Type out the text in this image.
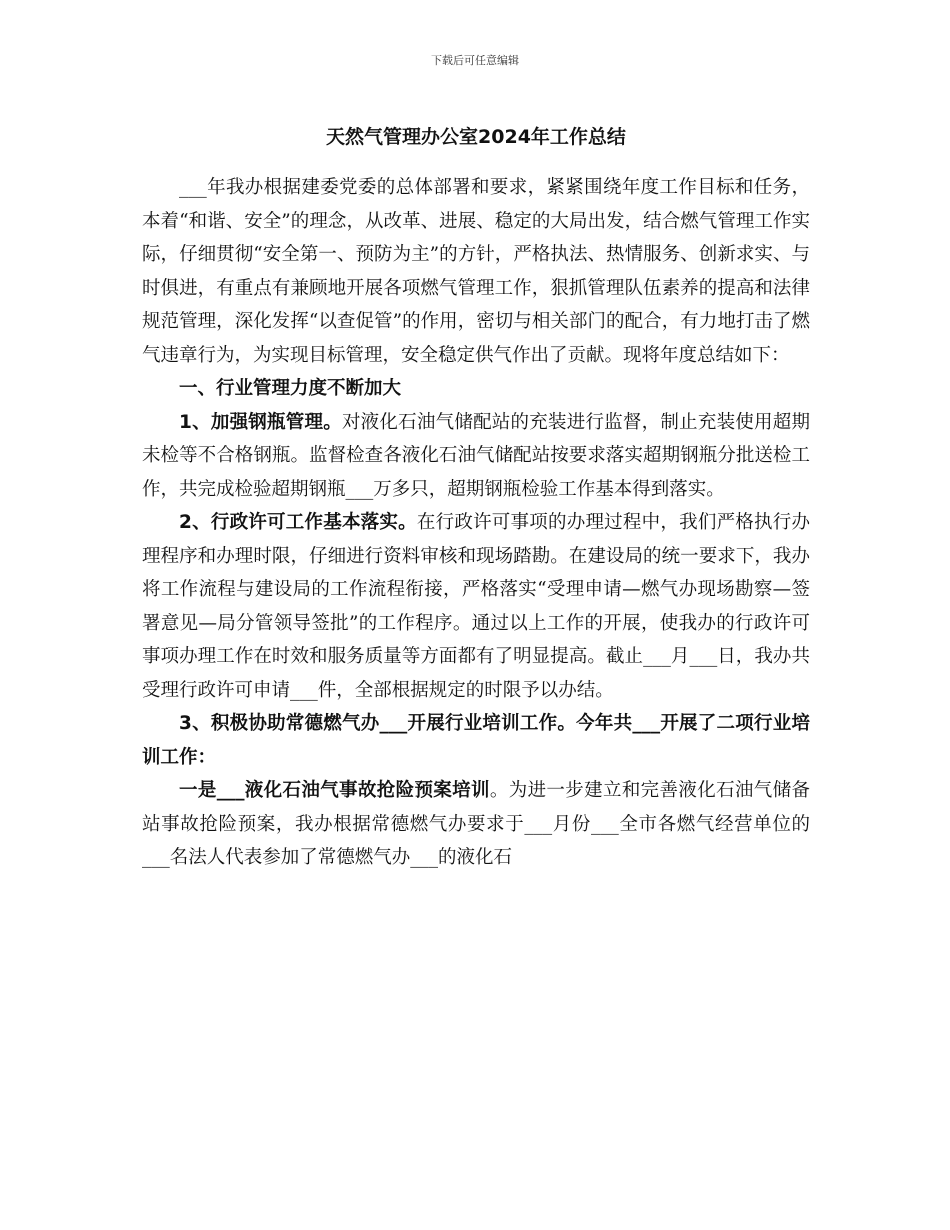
下载后可任意编辑
天然气管理办公室2024年工作总结

___年我办根据建委党委的总体部署和要求，紧紧围绕年度工作目标和任务，本着“和谐、安全”的理念，从改革、进展、稳定的大局出发，结合燃气管理工作实际，仔细贯彻“安全第一、预防为主”的方针，严格执法、热情服务、创新求实、与时俱进，有重点有兼顾地开展各项燃气管理工作，狠抓管理队伍素养的提高和法律规范管理，深化发挥“以查促管”的作用，密切与相关部门的配合，有力地打击了燃气违章行为，为实现目标管理，安全稳定供气作出了贡献。现将年度总结如下：

一、行业管理力度不断加大

1、加强钢瓶管理。对液化石油气储配站的充装进行监督，制止充装使用超期未检等不合格钢瓶。监督检查各液化石油气储配站按要求落实超期钢瓶分批送检工作，共完成检验超期钢瓶___万多只，超期钢瓶检验工作基本得到落实。

2、行政许可工作基本落实。在行政许可事项的办理过程中，我们严格执行办理程序和办理时限，仔细进行资料审核和现场踏勘。在建设局的统一要求下，我办将工作流程与建设局的工作流程衔接，严格落实“受理申请—燃气办现场勘察—签署意见—局分管领导签批”的工作程序。通过以上工作的开展，使我办的行政许可事项办理工作在时效和服务质量等方面都有了明显提高。截止___月___日，我办共受理行政许可申请___件，全部根据规定的时限予以办结。

3、积极协助常德燃气办___开展行业培训工作。今年共___开展了二项行业培训工作：

一是___液化石油气事故抢险预案培训。为进一步建立和完善液化石油气储备站事故抢险预案，我办根据常德燃气办要求于___月份___全市各燃气经营单位的___名法人代表参加了常德燃气办___的液化石
